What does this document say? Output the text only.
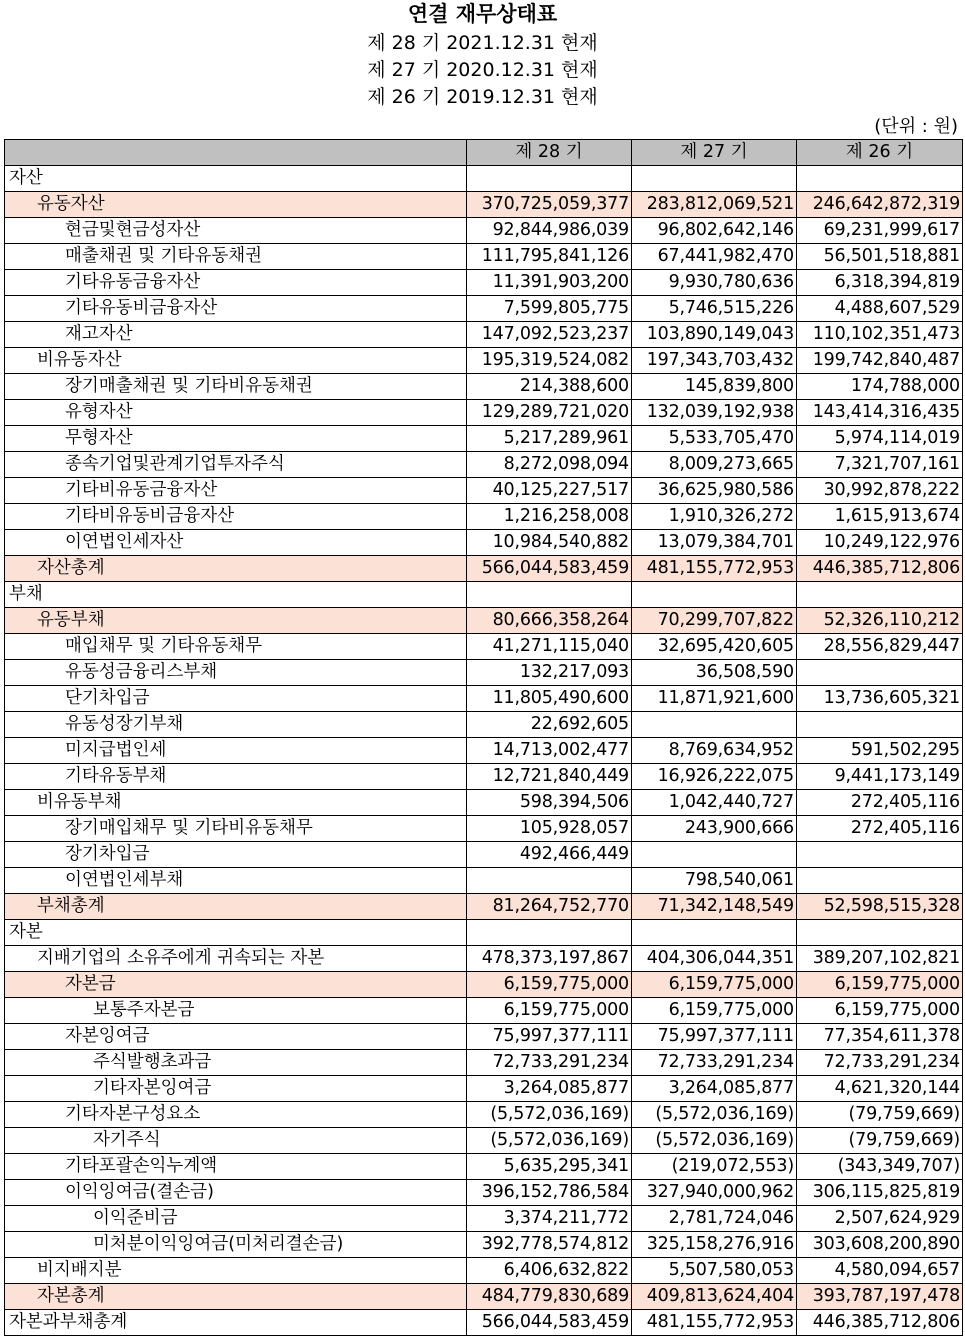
연결 재무상태표
제 28 기 2021.12.31 현재
제 27 기 2020.12.31 현재
제 26 기 2019.12.31 현재
(단위 : 원)
	제 28 기	제 27 기	제 26 기
자산			
유동자산	370,725,059,377	283,812,069,521	246,642,872,319
현금및현금성자산	92,844,986,039	96,802,642,146	69,231,999,617
매출채권 및 기타유동채권	111,795,841,126	67,441,982,470	56,501,518,881
기타유동금융자산	11,391,903,200	9,930,780,636	6,318,394,819
기타유동비금융자산	7,599,805,775	5,746,515,226	4,488,607,529
재고자산	147,092,523,237	103,890,149,043	110,102,351,473
비유동자산	195,319,524,082	197,343,703,432	199,742,840,487
장기매출채권 및 기타비유동채권	214,388,600	145,839,800	174,788,000
유형자산	129,289,721,020	132,039,192,938	143,414,316,435
무형자산	5,217,289,961	5,533,705,470	5,974,114,019
종속기업및관계기업투자주식	8,272,098,094	8,009,273,665	7,321,707,161
기타비유동금융자산	40,125,227,517	36,625,980,586	30,992,878,222
기타비유동비금융자산	1,216,258,008	1,910,326,272	1,615,913,674
이연법인세자산	10,984,540,882	13,079,384,701	10,249,122,976
자산총계	566,044,583,459	481,155,772,953	446,385,712,806
부채			
유동부채	80,666,358,264	70,299,707,822	52,326,110,212
매입채무 및 기타유동채무	41,271,115,040	32,695,420,605	28,556,829,447
유동성금융리스부채	132,217,093	36,508,590	
단기차입금	11,805,490,600	11,871,921,600	13,736,605,321
유동성장기부채	22,692,605		
미지급법인세	14,713,002,477	8,769,634,952	591,502,295
기타유동부채	12,721,840,449	16,926,222,075	9,441,173,149
비유동부채	598,394,506	1,042,440,727	272,405,116
장기매입채무 및 기타비유동채무	105,928,057	243,900,666	272,405,116
장기차입금	492,466,449		
이연법인세부채		798,540,061	
부채총계	81,264,752,770	71,342,148,549	52,598,515,328
자본			
지배기업의 소유주에게 귀속되는 자본	478,373,197,867	404,306,044,351	389,207,102,821
자본금	6,159,775,000	6,159,775,000	6,159,775,000
보통주자본금	6,159,775,000	6,159,775,000	6,159,775,000
자본잉여금	75,997,377,111	75,997,377,111	77,354,611,378
주식발행초과금	72,733,291,234	72,733,291,234	72,733,291,234
기타자본잉여금	3,264,085,877	3,264,085,877	4,621,320,144
기타자본구성요소	(5,572,036,169)	(5,572,036,169)	(79,759,669)
자기주식	(5,572,036,169)	(5,572,036,169)	(79,759,669)
기타포괄손익누계액	5,635,295,341	(219,072,553)	(343,349,707)
이익잉여금(결손금)	396,152,786,584	327,940,000,962	306,115,825,819
이익준비금	3,374,211,772	2,781,724,046	2,507,624,929
미처분이익잉여금(미처리결손금)	392,778,574,812	325,158,276,916	303,608,200,890
비지배지분	6,406,632,822	5,507,580,053	4,580,094,657
자본총계	484,779,830,689	409,813,624,404	393,787,197,478
자본과부채총계	566,044,583,459	481,155,772,953	446,385,712,806
